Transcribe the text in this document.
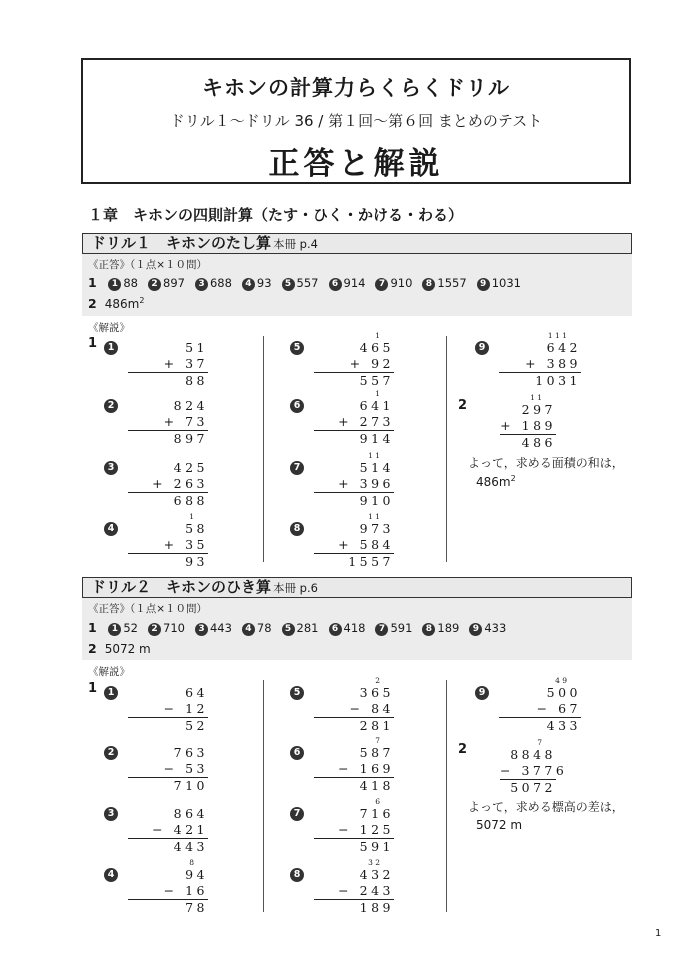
キホンの計算力らくらくドリル
ドリル１〜ドリル 36 / 第１回〜第６回 まとめのテスト
正答と解説
１章　キホンの四則計算（たす・ひく・かける・わる）
ドリル１　キホンのたし算 本冊 p.4
《正答》（１点×１０問）
1 1 88 2 897 3 688 4 93 5 557 6 914 7 910 8 1557 9 1031
2 $486m^2$
《解説》
1	1	51
+ 37
88
2	824
+ 73
897
3	425
+ 263
688
4
1
58
+ 35
93
5
1
465
+ 92
557
6
1
641
+ 273
914
7
1 1
514
+ 396
910
8
1 1
973
+ 584
1557
9
1 1 1
642
+ 389
1031
2
1 1
297
+ 189
486
よって，求める面積の和は，
$486m^2$
ドリル２　キホンのひき算 本冊 p.6
《正答》（１点×１０問）
1 1 52 2 710 3 443 4 78 5 281 6 418 7 591 8 189 9 433
2 5072 m
《解説》
1	1	64
− 12
52
2	763
− 53
710
3	864
− 421
443
4
8
94
− 16
78
5
2
365
− 84
281
6
7
587
− 169
418
7
6
716
− 125
591
8
3 2
432
− 243
189
9
4 9
500
− 67
433
2	7
8848
− 3776
5072
よって，求める標高の差は，
5072 m
1
